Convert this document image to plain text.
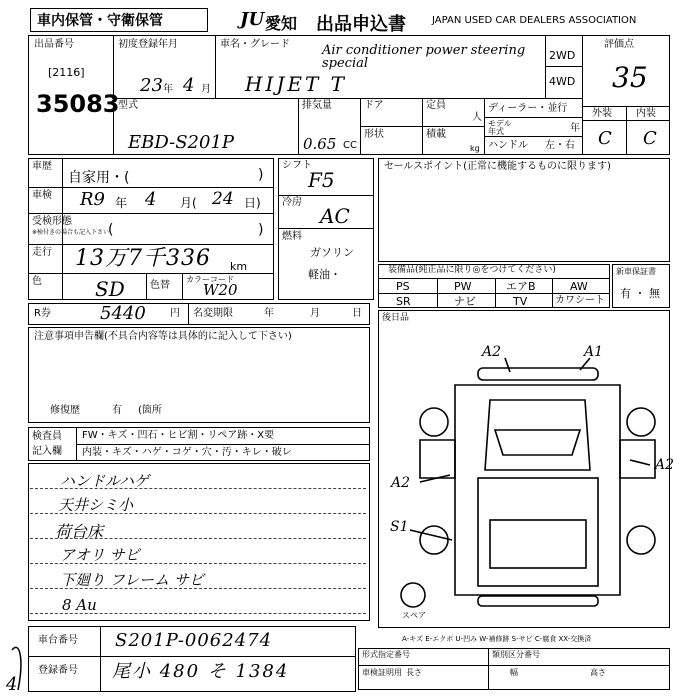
車内保管・守衛保管	JU 愛知 出品申込書	JAPAN USED CAR DEALERS ASSOCIATION
出品番号
[2116]
35083
初度登録年月
23 年 4 月
車名・グレード Air conditioner power steering special
HIJET T
2WD
4WD
評価点
35
型式
EBD-S201P
排気量
0.65 CC
ドア	定員
人
形状	積載
kg
ディーラー・並行
モデル年式	年
ハンドル 左・右
外装 内装
C C
車歴
自家用・(	)
車検 R9 年 4 月( 24 日)
受検形態
※検付きの場合も記入下さい
(	)
走行 13万7千336 km
色	SD	色替
カラーコード
W20
R券	5440 円 名変期限	年	月	日
シフト
F5
冷房
AC
燃料
ガソリン
軽油・
セールスポイント(正常に機能するものに限ります)
装備品(純正品に限り◎をつけてください)
PS	PW	エアB	AW
SR	ナビ	TV	カワシート
新車保証書
有 ・ 無
後日品
注意事項申告欄(不具合内容等は具体的に記入して下さい)
修復歴	有 (箇所
検査員
記入欄
FW・キズ・凹石・ヒビ割・リペア跡・X要
内装・キズ・ハゲ・コゲ・穴・汚・キレ・破レ
ハンドルハゲ
天井シミ小
荷台床
アオリ サビ
下廻り フレーム サビ
8 Au
A2	A1
A2
A2
S1
スペア
A-キズ E-エクボ U-凹み W-補修跡 S-サビ C-腐食 XX-交換済
車台番号 S201P-0062474
登録番号 尾小 480 そ 1384
形式指定番号	類別区分番号
車検証明用 長さ	幅	高さ
4
